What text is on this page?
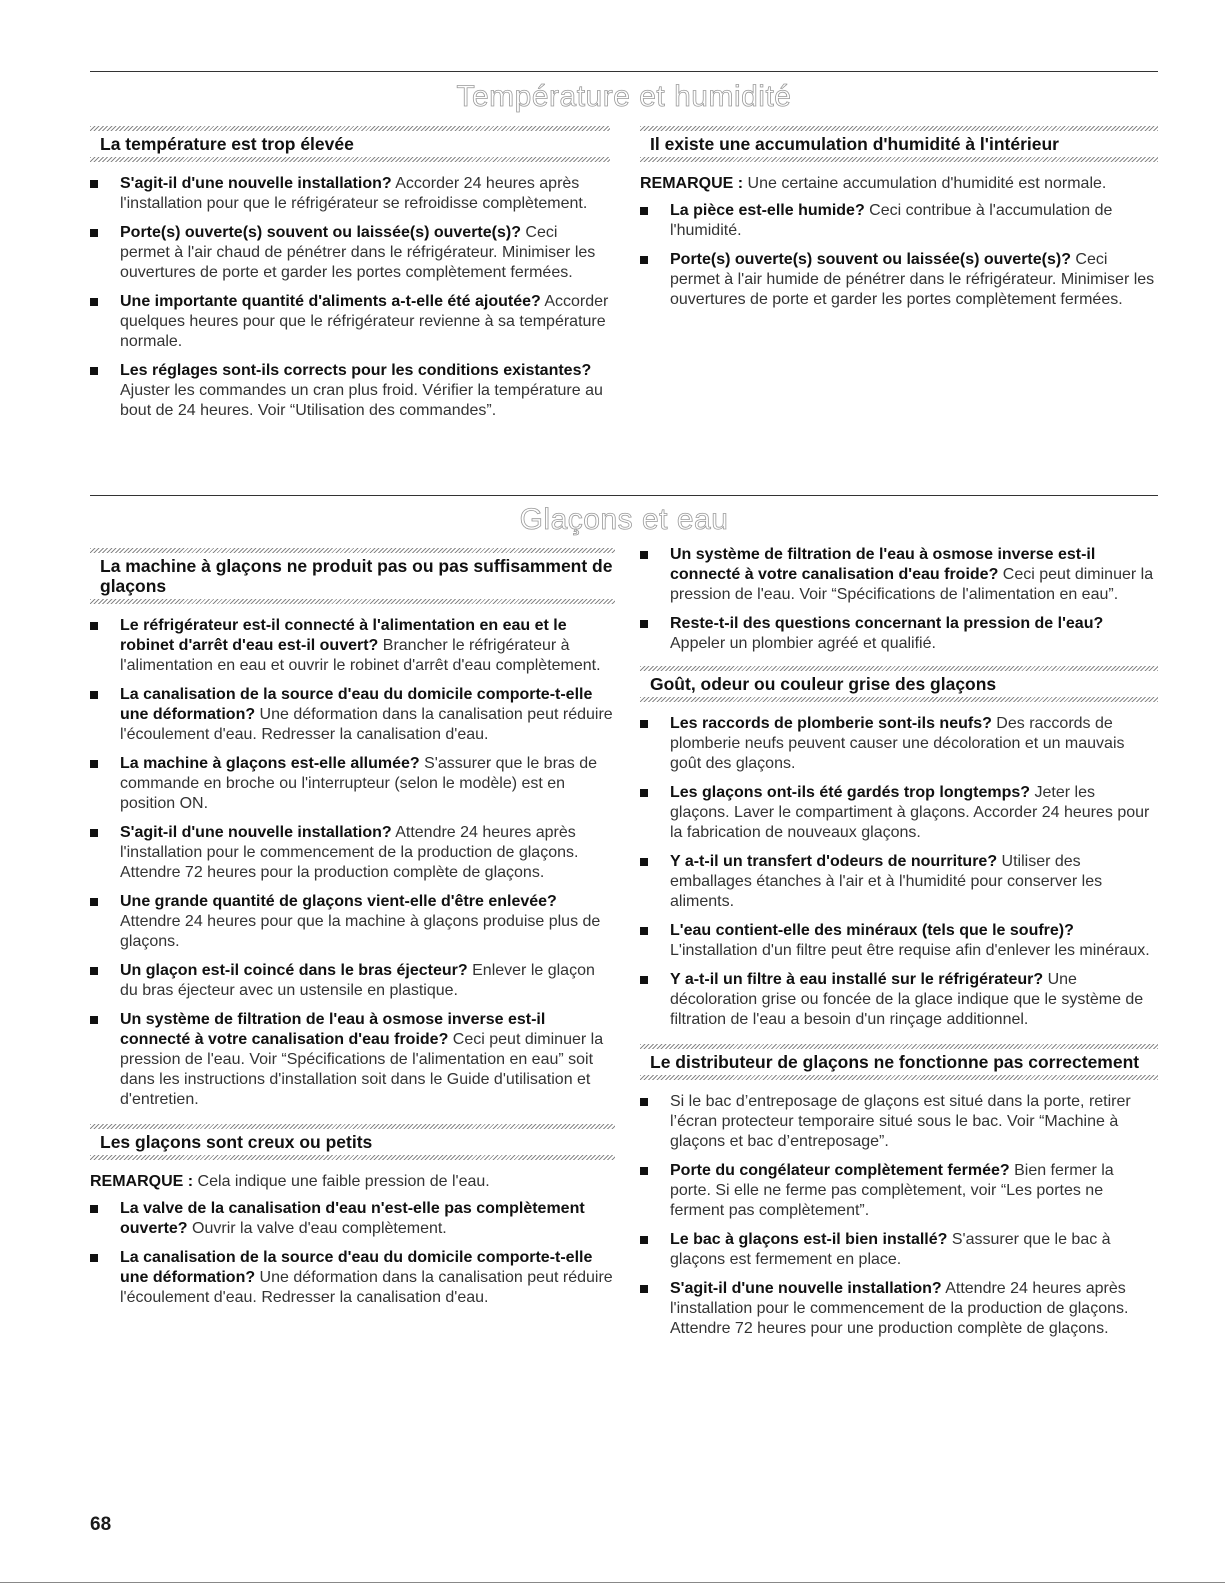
Température et humidité
La température est trop élevée
S'agit-il d'une nouvelle installation? Accorder 24 heures après l'installation pour que le réfrigérateur se refroidisse complètement.
Porte(s) ouverte(s) souvent ou laissée(s) ouverte(s)? Ceci permet à l'air chaud de pénétrer dans le réfrigérateur. Minimiser les ouvertures de porte et garder les portes complètement fermées.
Une importante quantité d'aliments a-t-elle été ajoutée? Accorder quelques heures pour que le réfrigérateur revienne à sa température normale.
Les réglages sont-ils corrects pour les conditions existantes? Ajuster les commandes un cran plus froid. Vérifier la température au bout de 24 heures. Voir “Utilisation des commandes”.
Il existe une accumulation d'humidité à l'intérieur

REMARQUE : Une certaine accumulation d'humidité est normale.

La pièce est-elle humide? Ceci contribue à l'accumulation de l'humidité.
Porte(s) ouverte(s) souvent ou laissée(s) ouverte(s)? Ceci permet à l'air humide de pénétrer dans le réfrigérateur. Minimiser les ouvertures de porte et garder les portes complètement fermées.
Glaçons et eau
La machine à glaçons ne produit pas ou pas suffisamment de glaçons
Le réfrigérateur est-il connecté à l'alimentation en eau et le robinet d'arrêt d'eau est-il ouvert? Brancher le réfrigérateur à l'alimentation en eau et ouvrir le robinet d'arrêt d'eau complètement.
La canalisation de la source d'eau du domicile comporte-t-elle une déformation? Une déformation dans la canalisation peut réduire l'écoulement d'eau. Redresser la canalisation d'eau.
La machine à glaçons est-elle allumée? S'assurer que le bras de commande en broche ou l'interrupteur (selon le modèle) est en position ON.
S'agit-il d'une nouvelle installation? Attendre 24 heures après l'installation pour le commencement de la production de glaçons. Attendre 72 heures pour la production complète de glaçons.
Une grande quantité de glaçons vient-elle d'être enlevée? Attendre 24 heures pour que la machine à glaçons produise plus de glaçons.
Un glaçon est-il coincé dans le bras éjecteur? Enlever le glaçon du bras éjecteur avec un ustensile en plastique.
Un système de filtration de l'eau à osmose inverse est-il connecté à votre canalisation d'eau froide? Ceci peut diminuer la pression de l'eau. Voir “Spécifications de l'alimentation en eau” soit dans les instructions d'installation soit dans le Guide d'utilisation et d'entretien.
Les glaçons sont creux ou petits

REMARQUE : Cela indique une faible pression de l'eau.

La valve de la canalisation d'eau n'est-elle pas complètement ouverte? Ouvrir la valve d'eau complètement.
La canalisation de la source d'eau du domicile comporte-t-elle une déformation? Une déformation dans la canalisation peut réduire l'écoulement d'eau. Redresser la canalisation d'eau.
Un système de filtration de l'eau à osmose inverse est-il connecté à votre canalisation d'eau froide? Ceci peut diminuer la pression de l'eau. Voir “Spécifications de l'alimentation en eau”.
Reste-t-il des questions concernant la pression de l'eau? Appeler un plombier agréé et qualifié.
Goût, odeur ou couleur grise des glaçons
Les raccords de plomberie sont-ils neufs? Des raccords de plomberie neufs peuvent causer une décoloration et un mauvais goût des glaçons.
Les glaçons ont-ils été gardés trop longtemps? Jeter les glaçons. Laver le compartiment à glaçons. Accorder 24 heures pour la fabrication de nouveaux glaçons.
Y a-t-il un transfert d'odeurs de nourriture? Utiliser des emballages étanches à l'air et à l'humidité pour conserver les aliments.
L'eau contient-elle des minéraux (tels que le soufre)? L'installation d'un filtre peut être requise afin d'enlever les minéraux.
Y a-t-il un filtre à eau installé sur le réfrigérateur? Une décoloration grise ou foncée de la glace indique que le système de filtration de l'eau a besoin d'un rinçage additionnel.
Le distributeur de glaçons ne fonctionne pas correctement
Si le bac d’entreposage de glaçons est situé dans la porte, retirer l’écran protecteur temporaire situé sous le bac. Voir “Machine à glaçons et bac d’entreposage”.
Porte du congélateur complètement fermée? Bien fermer la porte. Si elle ne ferme pas complètement, voir “Les portes ne ferment pas complètement”.
Le bac à glaçons est-il bien installé? S'assurer que le bac à glaçons est fermement en place.
S'agit-il d'une nouvelle installation? Attendre 24 heures après l'installation pour le commencement de la production de glaçons. Attendre 72 heures pour une production complète de glaçons.
68
